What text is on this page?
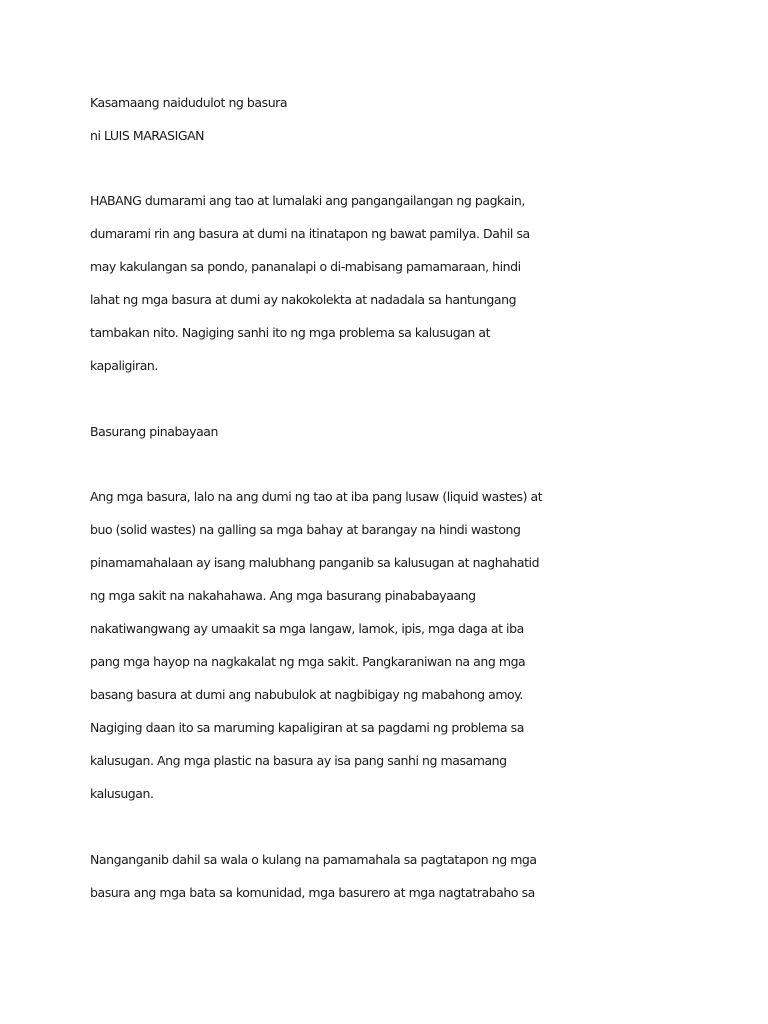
Kasamaang naidudulot ng basura
ni LUIS MARASIGAN
HABANG dumarami ang tao at lumalaki ang pangangailangan ng pagkain,
dumarami rin ang basura at dumi na itinatapon ng bawat pamilya. Dahil sa
may kakulangan sa pondo, pananalapi o di-mabisang pamamaraan, hindi
lahat ng mga basura at dumi ay nakokolekta at nadadala sa hantungang
tambakan nito. Nagiging sanhi ito ng mga problema sa kalusugan at
kapaligiran.
Basurang pinabayaan
Ang mga basura, lalo na ang dumi ng tao at iba pang lusaw (liquid wastes) at
buo (solid wastes) na galling sa mga bahay at barangay na hindi wastong
pinamamahalaan ay isang malubhang panganib sa kalusugan at naghahatid
ng mga sakit na nakahahawa. Ang mga basurang pinababayaang
nakatiwangwang ay umaakit sa mga langaw, lamok, ipis, mga daga at iba
pang mga hayop na nagkakalat ng mga sakit. Pangkaraniwan na ang mga
basang basura at dumi ang nabubulok at nagbibigay ng mabahong amoy.
Nagiging daan ito sa maruming kapaligiran at sa pagdami ng problema sa
kalusugan. Ang mga plastic na basura ay isa pang sanhi ng masamang
kalusugan.
Nanganganib dahil sa wala o kulang na pamamahala sa pagtatapon ng mga
basura ang mga bata sa komunidad, mga basurero at mga nagtatrabaho sa
